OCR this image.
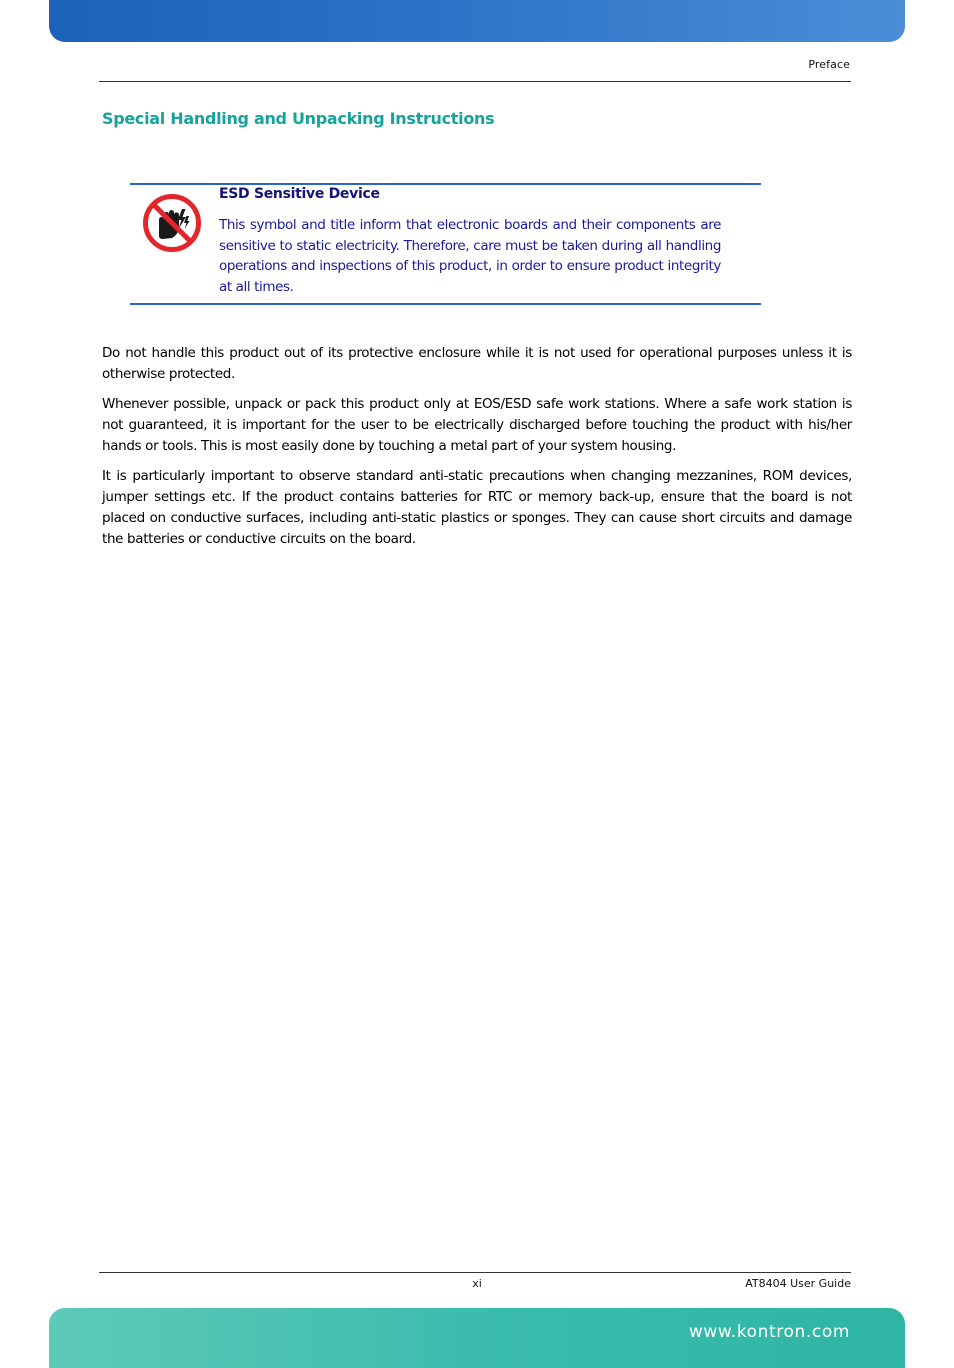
Preface
Special Handling and Unpacking Instructions
ESD Sensitive Device
This symbol and title inform that electronic boards and their components are sensitive to static electricity. Therefore, care must be taken during all handling operations and inspections of this product, in order to ensure product integrity at all times.

Do not handle this product out of its protective enclosure while it is not used for operational purposes unless it is otherwise protected.

Whenever possible, unpack or pack this product only at EOS/ESD safe work stations. Where a safe work station is not guaranteed, it is important for the user to be electrically discharged before touching the product with his/her hands or tools. This is most easily done by touching a metal part of your system housing.

It is particularly important to observe standard anti-static precautions when changing mezzanines, ROM devices, jumper settings etc. If the product contains batteries for RTC or memory back-up, ensure that the board is not placed on conductive surfaces, including anti-static plastics or sponges. They can cause short circuits and damage the batteries or conductive circuits on the board.

xi	AT8404 User Guide
www.kontron.com
